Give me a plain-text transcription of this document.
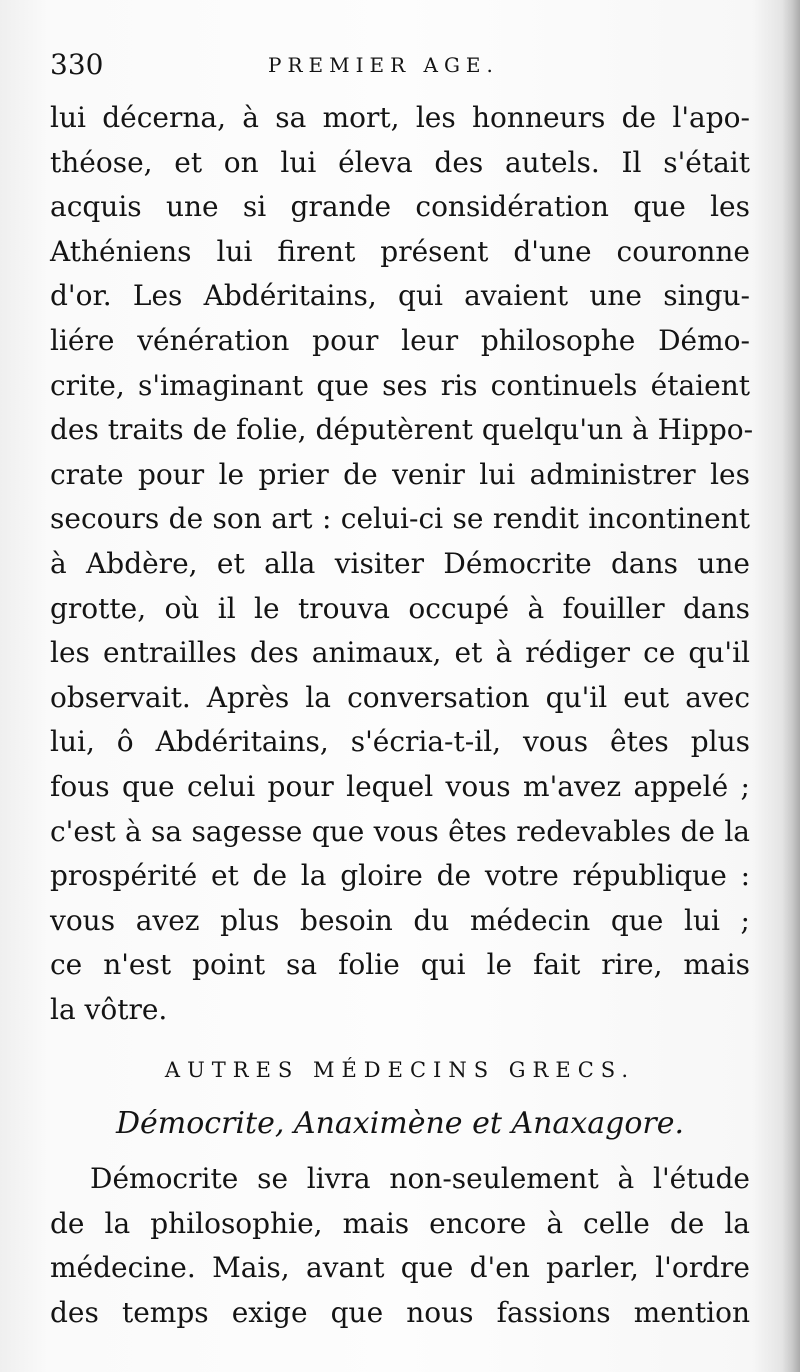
330	PREMIER AGE.
lui décerna, à sa mort, les honneurs de l'apo-
théose, et on lui éleva des autels. Il s'était
acquis une si grande considération que les
Athéniens lui firent présent d'une couronne
d'or. Les Abdéritains, qui avaient une singu-
liére vénération pour leur philosophe Démo-
crite, s'imaginant que ses ris continuels étaient
des traits de folie, députèrent quelqu'un à Hippo-
crate pour le prier de venir lui administrer les
secours de son art : celui-ci se rendit incontinent
à Abdère, et alla visiter Démocrite dans une
grotte, où il le trouva occupé à fouiller dans
les entrailles des animaux, et à rédiger ce qu'il
observait. Après la conversation qu'il eut avec
lui, ô Abdéritains, s'écria-t-il, vous êtes plus
fous que celui pour lequel vous m'avez appelé ;
c'est à sa sagesse que vous êtes redevables de la
prospérité et de la gloire de votre république :
vous avez plus besoin du médecin que lui ;
ce n'est point sa folie qui le fait rire, mais
la vôtre.
AUTRES MÉDECINS GRECS.
Démocrite, Anaximène et Anaxagore.
Démocrite se livra non-seulement à l'étude
de la philosophie, mais encore à celle de la
médecine. Mais, avant que d'en parler, l'ordre
des temps exige que nous fassions mention
